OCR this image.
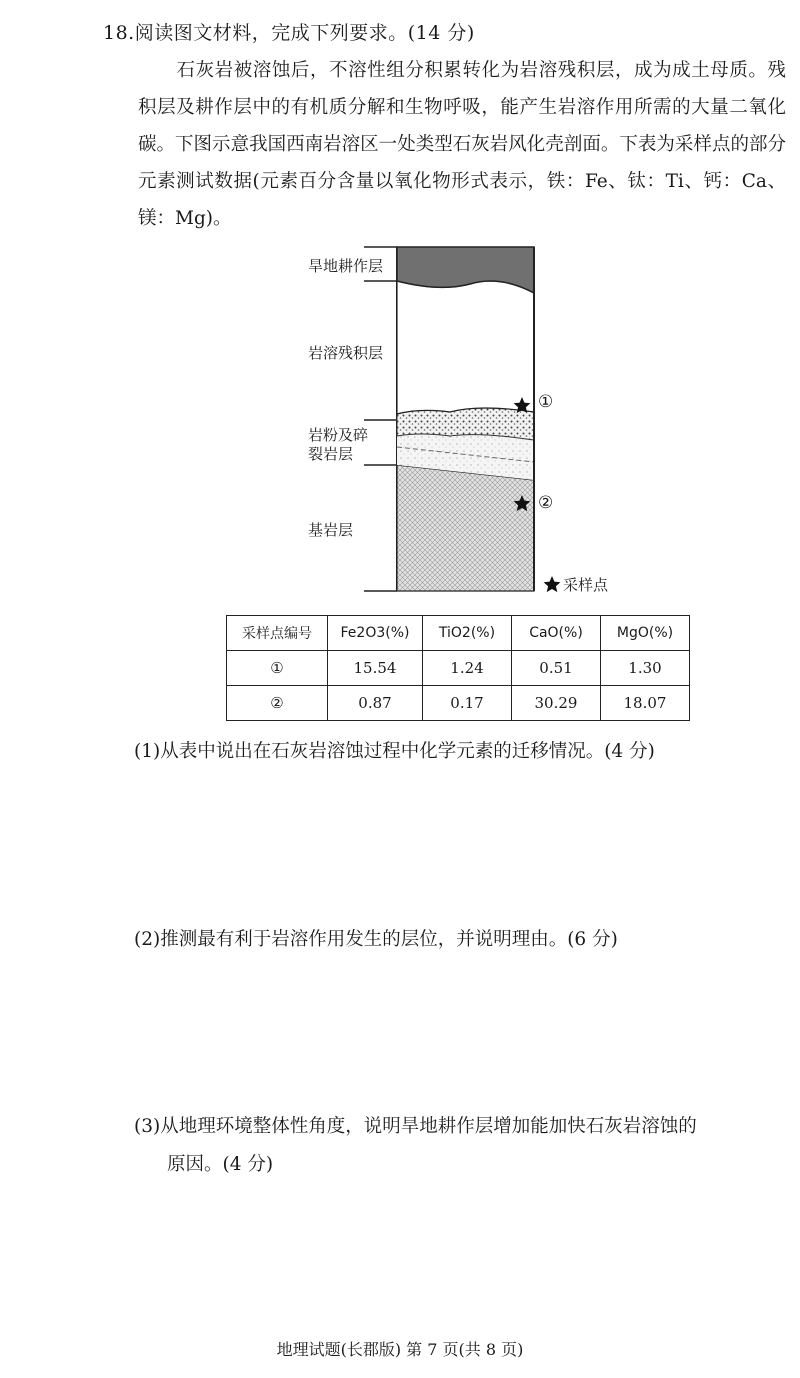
18.阅读图文材料，完成下列要求。(14 分)
石灰岩被溶蚀后，不溶性组分积累转化为岩溶残积层，成为成土母质。残积层及耕作层中的有机质分解和生物呼吸，能产生岩溶作用所需的大量二氧化碳。下图示意我国西南岩溶区一处类型石灰岩风化壳剖面。下表为采样点的部分元素测试数据(元素百分含量以氧化物形式表示，铁：Fe、钛：Ti、钙：Ca、镁：Mg)。
旱地耕作层
岩溶残积层
岩粉及碎
裂岩层
基岩层
①
②
采样点
采样点编号	Fe2O3(%)	TiO2(%)	CaO(%)	MgO(%)
①	15.54	1.24	0.51	1.30
②	0.87	0.17	30.29	18.07
(1)从表中说出在石灰岩溶蚀过程中化学元素的迁移情况。(4 分)
(2)推测最有利于岩溶作用发生的层位，并说明理由。(6 分)
(3)从地理环境整体性角度，说明旱地耕作层增加能加快石灰岩溶蚀的
原因。(4 分)
地理试题(长郡版) 第 7 页(共 8 页)
